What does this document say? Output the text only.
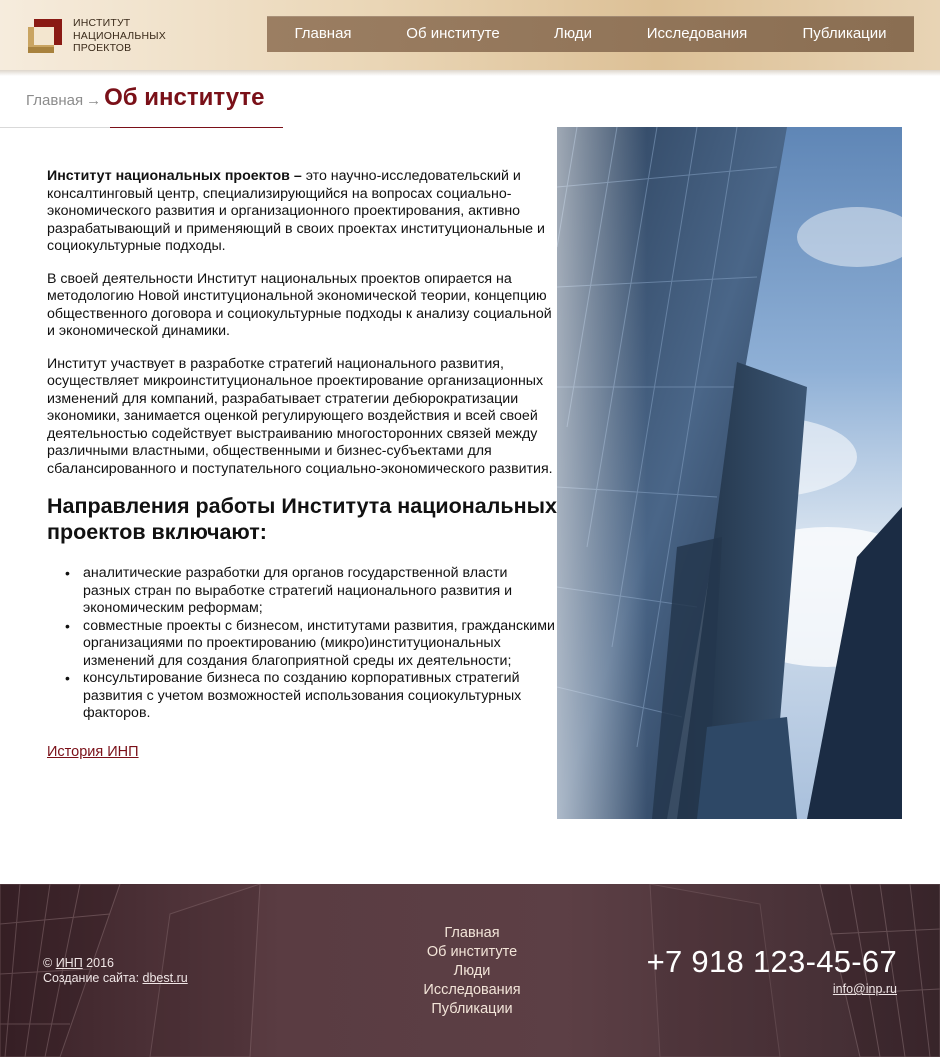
ИНСТИТУТ
НАЦИОНАЛЬНЫХ
ПРОЕКТОВ
Главная	Об институте	Люди	Исследования	Публикации
Главная → Об институте

Институт национальных проектов – это научно-исследовательский и консалтинговый центр, специализирующийся на вопросах социально-экономического развития и организационного проектирования, активно разрабатывающий и применяющий в своих проектах институциональные и социокультурные подходы.

В своей деятельности Институт национальных проектов опирается на методологию Новой институциональной экономической теории, концепцию общественного договора и социокультурные подходы к анализу социальной и экономической динамики.

Институт участвует в разработке стратегий национального развития, осуществляет микроинституциональное проектирование организационных изменений для компаний, разрабатывает стратегии дебюрократизации экономики, занимается оценкой регулирующего воздействия и всей своей деятельностью содействует выстраиванию многосторонних связей между различными властными, общественными и бизнес-субъектами для сбалансированного и поступательного социально-экономического развития.

Направления работы Института национальных проектов включают:
• аналитические разработки для органов государственной власти разных стран по выработке стратегий национального развития и экономическим реформам;
• совместные проекты с бизнесом, институтами развития, гражданскими организациями по проектированию (микро)институциональных изменений для создания благоприятной среды их деятельности;
• консультирование бизнеса по созданию корпоративных стратегий развития с учетом возможностей использования социокультурных факторов.
История ИНП
© ИНП 2016
Создание сайта: dbest.ru
Главная
Об институте
Люди
Исследования
Публикации
+7 918 123-45-67
info@inp.ru
